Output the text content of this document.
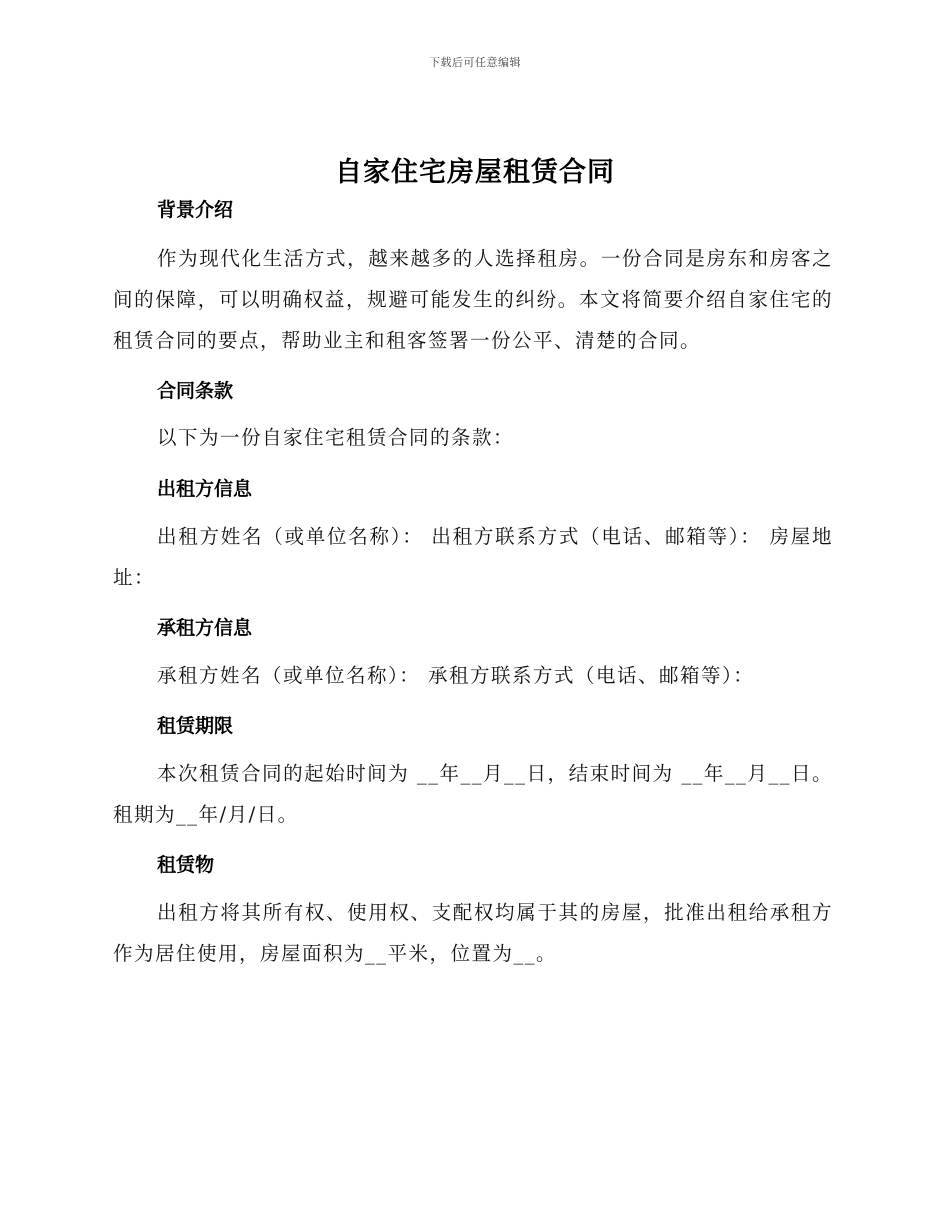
下载后可任意编辑
自家住宅房屋租赁合同
背景介绍

作为现代化生活方式，越来越多的人选择租房。一份合同是房东和房客之间的保障，可以明确权益，规避可能发生的纠纷。本文将简要介绍自家住宅的租赁合同的要点，帮助业主和租客签署一份公平、清楚的合同。

合同条款

以下为一份自家住宅租赁合同的条款：

出租方信息

出租方姓名（或单位名称）： 出租方联系方式（电话、邮箱等）： 房屋地址：

承租方信息

承租方姓名（或单位名称）： 承租方联系方式（电话、邮箱等）：

租赁期限

本次租赁合同的起始时间为 __年__月__日，结束时间为 __年__月__日。租期为__年/月/日。

租赁物

出租方将其所有权、使用权、支配权均属于其的房屋，批准出租给承租方作为居住使用，房屋面积为__平米，位置为__。
